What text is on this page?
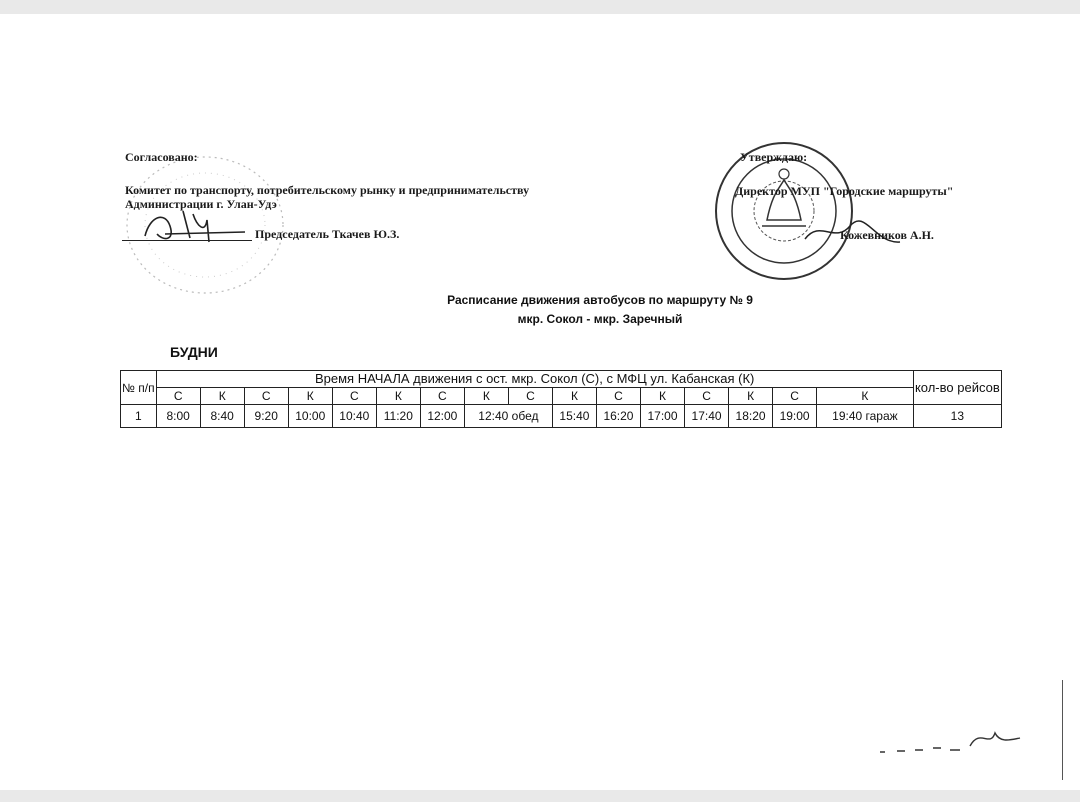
Согласовано:
Комитет по транспорту, потребительскому рынку и предпринимательству
Администрации г. Улан-Удэ
Председатель Ткачев Ю.З.
Утверждаю:
Директор МУП "Городские маршруты"
Кожевников А.Н.
Расписание движения автобусов по маршруту № 9
мкр. Сокол - мкр. Заречный
БУДНИ
№ п/п	Время НАЧАЛА движения с ост. мкр. Сокол (С), с МФЦ ул. Кабанская (К)																кол-во рейсов
	С	К	С	К	С	К	С	К	С	К	С	К	С	К	С	К	
1	8:00	8:40	9:20	10:00	10:40	11:20	12:00	12:40 обед		15:40	16:20	17:00	17:40	18:20	19:00	19:40 гараж	13
